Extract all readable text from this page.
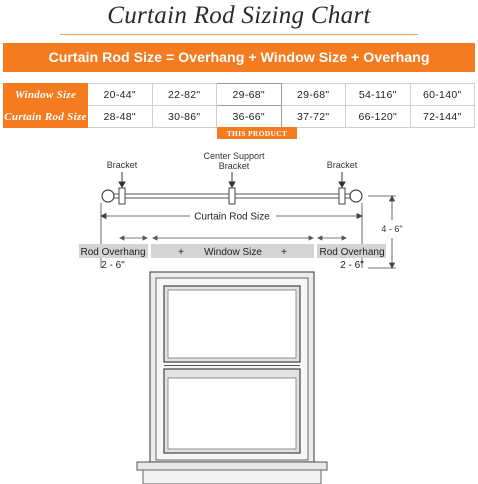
Curtain Rod Sizing Chart
Curtain Rod Size = Overhang + Window Size + Overhang
Window Size	20-44"	22-82"	29-68"	29-68"	54-116"	60-140"
Curtain Rod Size	28-48"	30-86"	36-66"	37-72"	66-120"	72-144"
THIS PRODUCT
Bracket
Center Support
Bracket	Bracket
Curtain Rod Size
4 - 6"
Rod Overhang
2 - 6"
+ Window Size +	Rod Overhang
2 - 6"
